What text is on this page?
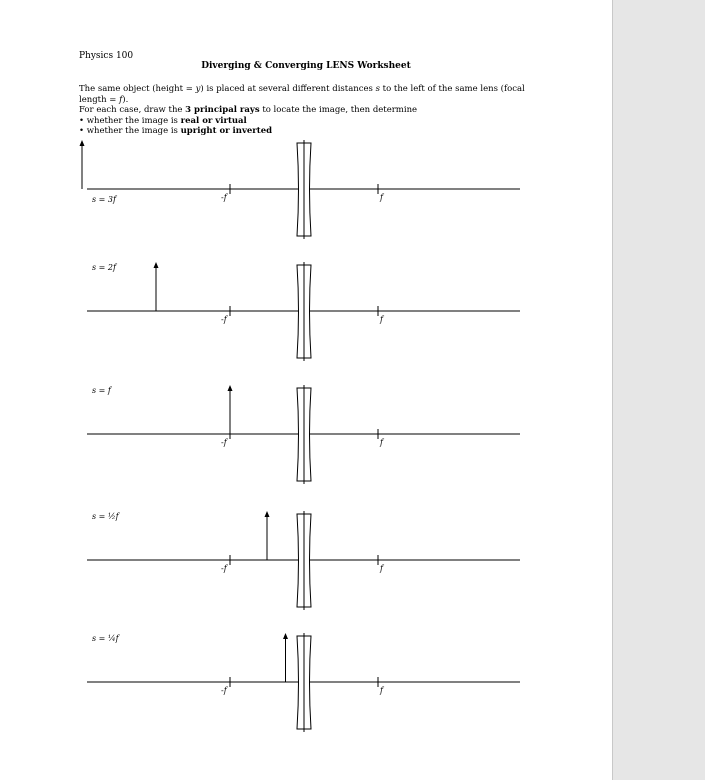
Physics 100
Diverging & Converging LENS Worksheet

The same object (height = y) is placed at several different distances s to the left of the same lens (focal length = f).

For each case, draw the 3 principal rays to locate the image, then determine

• whether the image is real or virtual

• whether the image is upright or inverted

-f	f
s = 3f
-f	f
s = 2f
-f	f
s = f
-f	f
s = ½f
-f	f
s = ¼f
